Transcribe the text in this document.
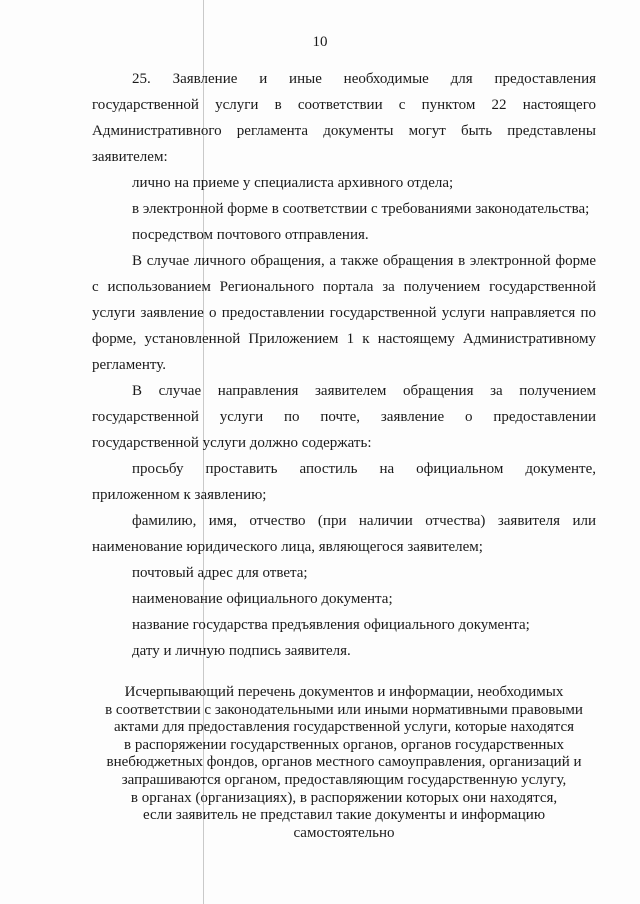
10
25. Заявление и иные необходимые для предоставления государственной услуги в соответствии с пунктом 22 настоящего Административного регламента документы могут быть представлены заявителем:
лично на приеме у специалиста архивного отдела;
в электронной форме в соответствии с требованиями законодательства;
посредством почтового отправления.
В случае личного обращения, а также обращения в электронной форме с использованием Регионального портала за получением государственной услуги заявление о предоставлении государственной услуги направляется по форме, установленной Приложением 1 к настоящему Административному регламенту.
В случае направления заявителем обращения за получением государственной услуги по почте, заявление о предоставлении государственной услуги должно содержать:
просьбу проставить апостиль на официальном документе, приложенном к заявлению;
фамилию, имя, отчество (при наличии отчества) заявителя или наименование юридического лица, являющегося заявителем;
почтовый адрес для ответа;
наименование официального документа;
название государства предъявления официального документа;
дату и личную подпись заявителя.
Исчерпывающий перечень документов и информации, необходимых
в соответствии с законодательными или иными нормативными правовыми
актами для предоставления государственной услуги, которые находятся
в распоряжении государственных органов, органов государственных
внебюджетных фондов, органов местного самоуправления, организаций и
запрашиваются органом, предоставляющим государственную услугу,
в органах (организациях), в распоряжении которых они находятся,
если заявитель не представил такие документы и информацию
самостоятельно
